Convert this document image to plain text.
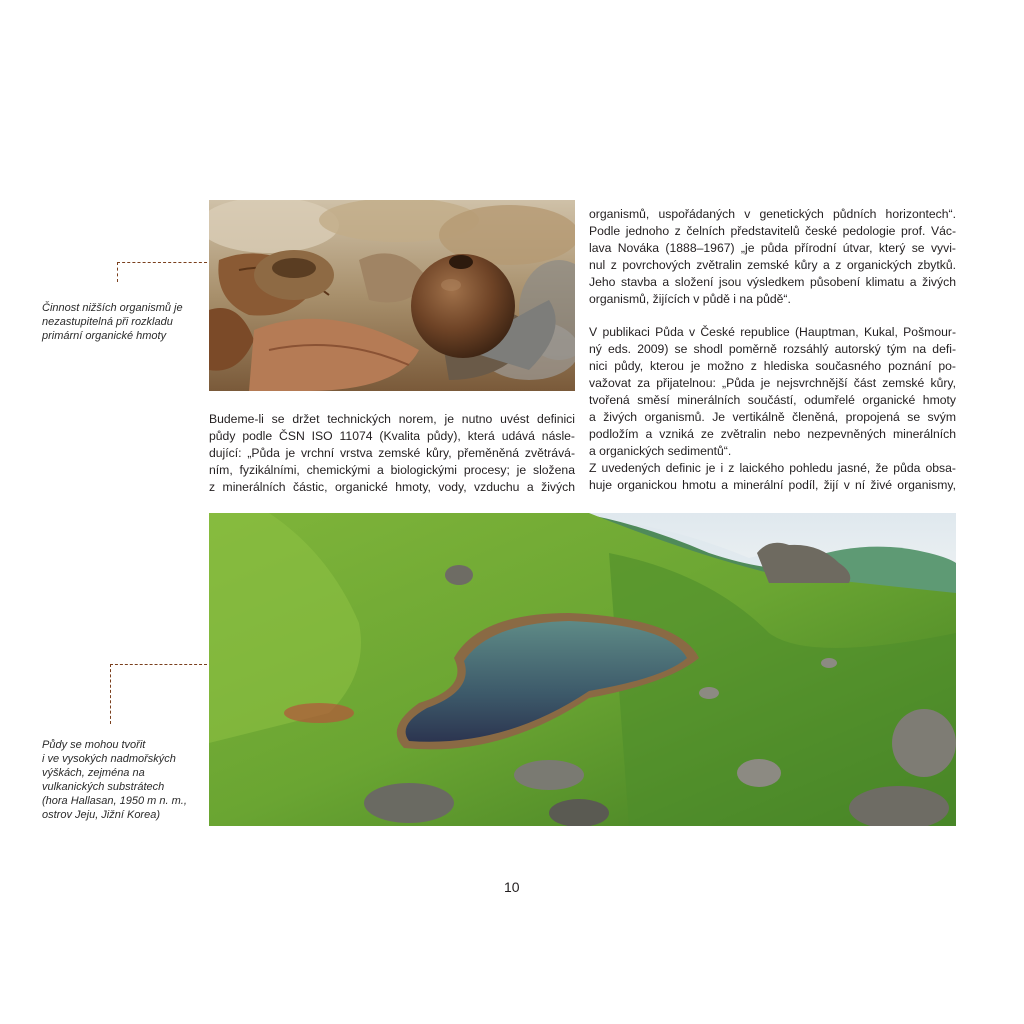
Činnost nižších organismů je
nezastupitelná při rozkladu
primární organické hmoty
Budeme-li se držet technických norem, je nutno uvést definici
půdy podle ČSN ISO 11074 (Kvalita půdy), která udává násle-
dující: „Půda je vrchní vrstva zemské kůry, přeměněná zvětrává-
ním, fyzikálními, chemickými a biologickými procesy; je složena
z minerálních částic, organické hmoty, vody, vzduchu a živých
organismů, uspořádaných v genetických půdních horizontech“.
Podle jednoho z čelních představitelů české pedologie prof. Vác-
lava Nováka (1888–1967) „je půda přírodní útvar, který se vyvi-
nul z povrchových zvětralin zemské kůry a z organických zbytků.
Jeho stavba a složení jsou výsledkem působení klimatu a živých
organismů, žijících v půdě i na půdě“.
V publikaci Půda v České republice (Hauptman, Kukal, Pošmour-
ný eds. 2009) se shodl poměrně rozsáhlý autorský tým na defi-
nici půdy, kterou je možno z hlediska současného poznání po-
važovat za přijatelnou: „Půda je nejsvrchnější část zemské kůry,
tvořená směsí minerálních součástí, odumřelé organické hmoty
a živých organismů. Je vertikálně členěná, propojená se svým
podložím a vzniká ze zvětralin nebo nezpevněných minerálních
a organických sedimentů“.
Z uvedených definic je i z laického pohledu jasné, že půda obsa-
huje organickou hmotu a minerální podíl, žijí v ní živé organismy,
Půdy se mohou tvořit
i ve vysokých nadmořských
výškách, zejména na
vulkanických substrátech
(hora Hallasan, 1950 m n. m.,
ostrov Jeju, Jižní Korea)
10
